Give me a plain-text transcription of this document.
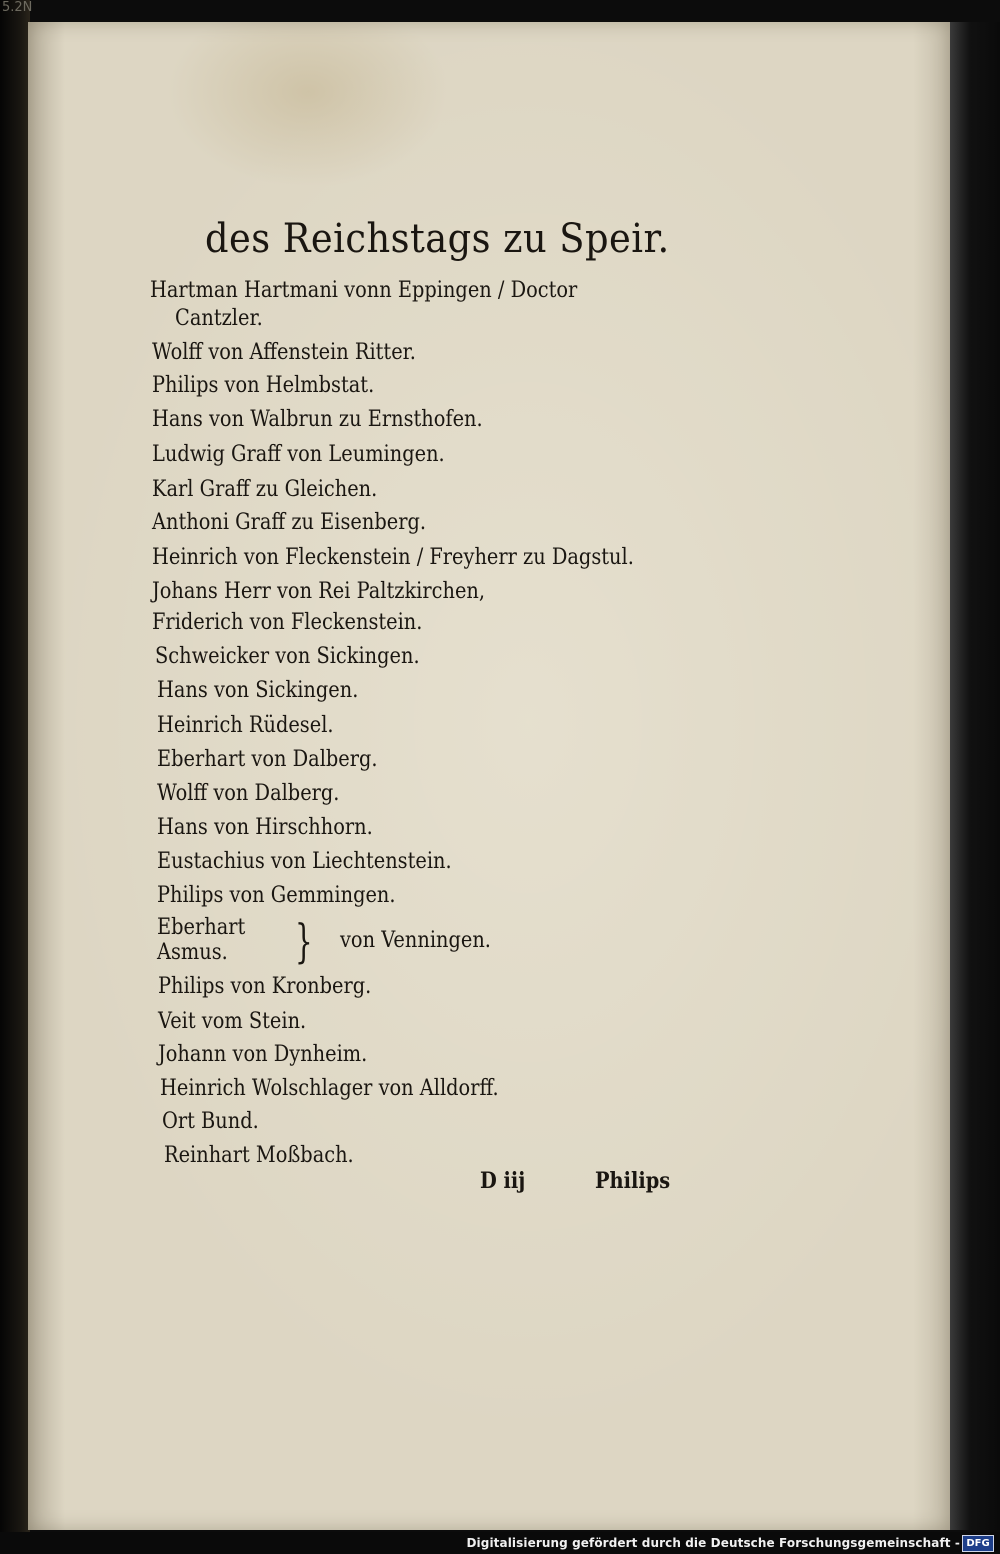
5.2N
des Reichstags zu Speir.
Hartman Hartmani vonn Eppingen / Doctor
Cantzler.
Wolff von Affenstein Ritter.
Philips von Helmbstat.
Hans von Walbrun zu Ernsthofen.
Ludwig Graff von Leumingen.
Karl Graff zu Gleichen.
Anthoni Graff zu Eisenberg.
Heinrich von Fleckenstein / Freyherr zu Dagstul.
Johans Herr von Rei Paltzkirchen,
Friderich von Fleckenstein.
Schweicker von Sickingen.
Hans von Sickingen.
Heinrich Rüdesel.
Eberhart von Dalberg.
Wolff von Dalberg.
Hans von Hirschhorn.
Eustachius von Liechtenstein.
Philips von Gemmingen.
Eberhart
Asmus. } von Venningen.
Philips von Kronberg.
Veit vom Stein.
Johann von Dynheim.
Heinrich Wolschlager von Alldorff.
Ort Bund.
Reinhart Moßbach.
D iij	Philips
Digitalisierung gefördert durch die Deutsche Forschungsgemeinschaft - DFG
